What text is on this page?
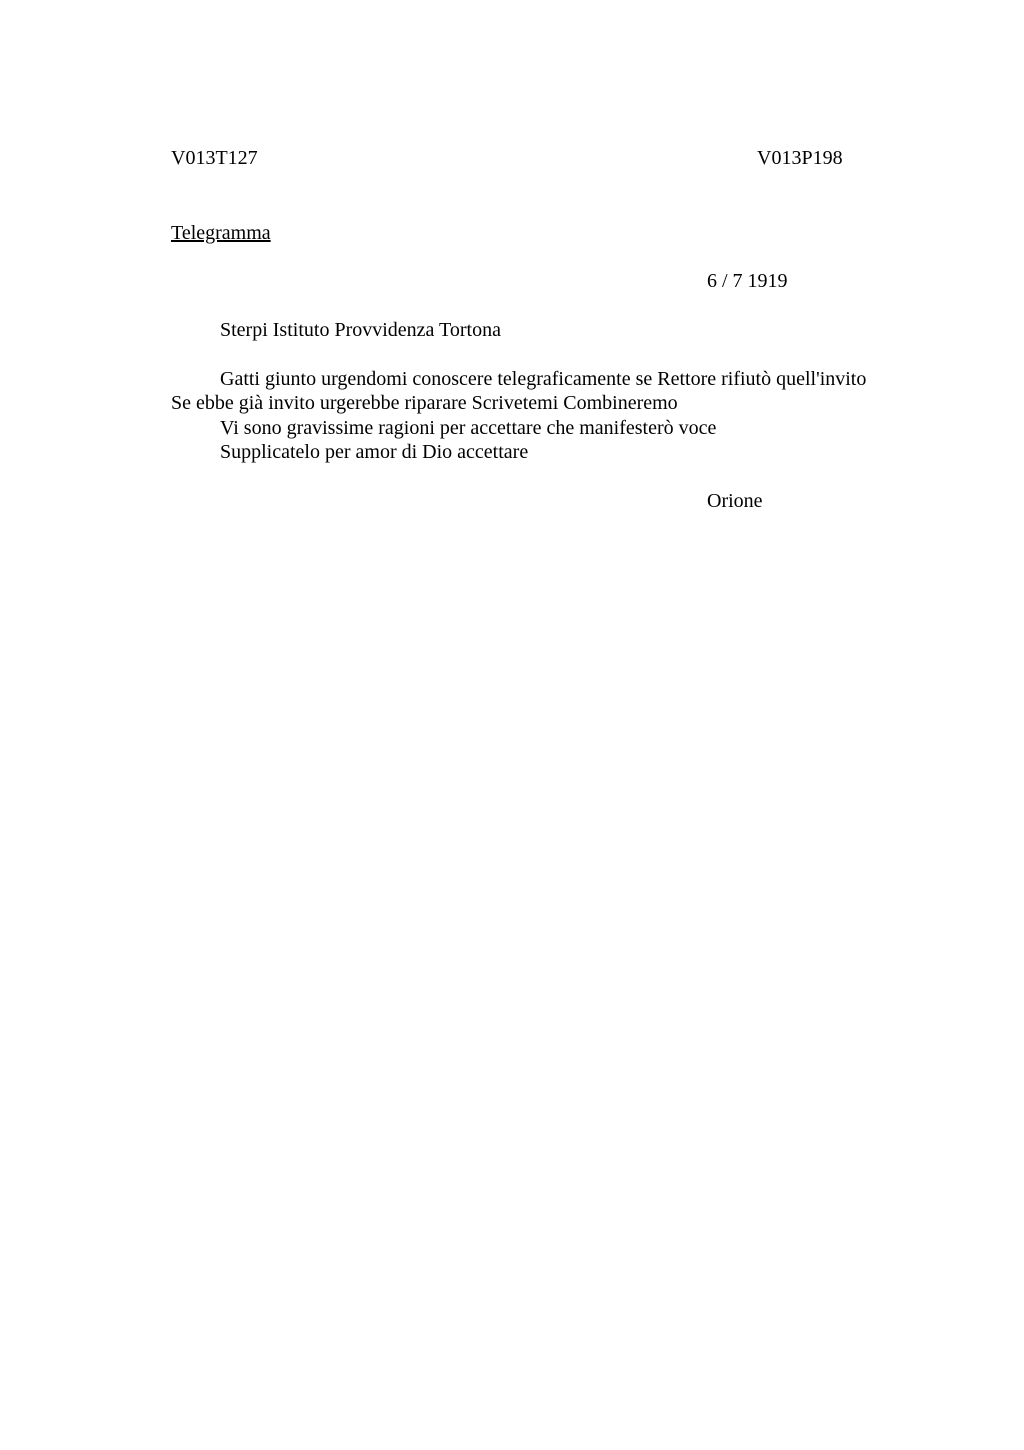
V013T127	V013P198
Telegramma
6 / 7 1919
Sterpi Istituto Provvidenza Tortona
Gatti giunto urgendomi conoscere telegraficamente se Rettore rifiutò quell'invito
Se ebbe già invito urgerebbe riparare Scrivetemi Combineremo
Vi sono gravissime ragioni per accettare che manifesterò voce
Supplicatelo per amor di Dio accettare
Orione
